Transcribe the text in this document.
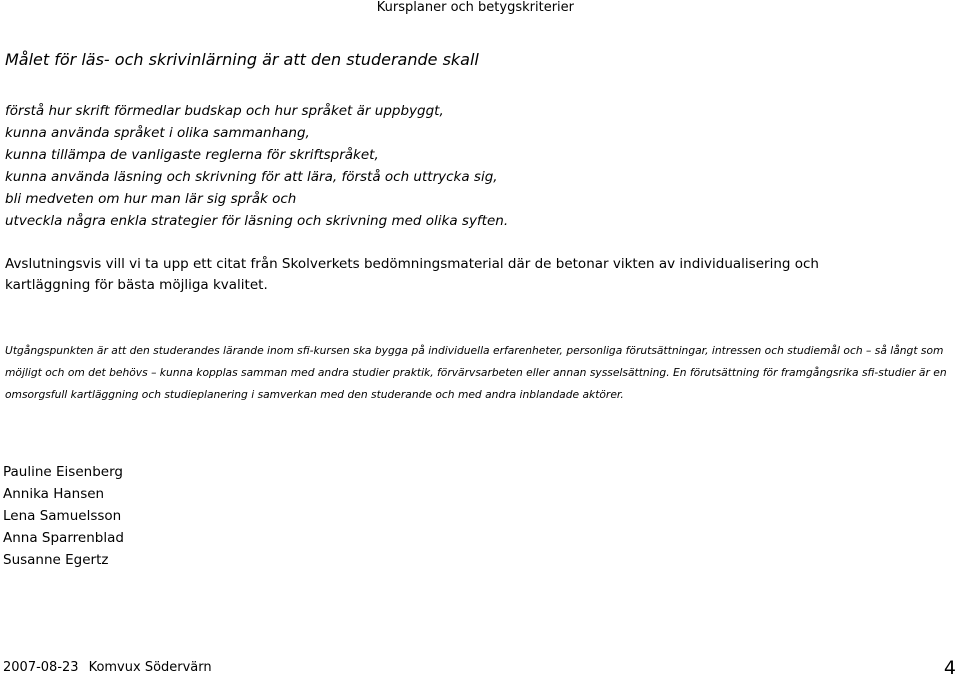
Kursplaner och betygskriterier
Målet för läs- och skrivinlärning är att den studerande skall
förstå hur skrift förmedlar budskap och hur språket är uppbyggt,
kunna använda språket i olika sammanhang,
kunna tillämpa de vanligaste reglerna för skriftspråket,
kunna använda läsning och skrivning för att lära, förstå och uttrycka sig,
bli medveten om hur man lär sig språk och
utveckla några enkla strategier för läsning och skrivning med olika syften.

Avslutningsvis vill vi ta upp ett citat från Skolverkets bedömningsmaterial där de betonar vikten av individualisering och kartläggning för bästa möjliga kvalitet.

Utgångspunkten är att den studerandes lärande inom sfi-kursen ska bygga på individuella erfarenheter, personliga förutsättningar, intressen och studiemål och – så långt som möjligt och om det behövs – kunna kopplas samman med andra studier praktik, förvärvsarbeten eller annan sysselsättning. En förutsättning för framgångsrika sfi-studier är en omsorgsfull kartläggning och studieplanering i samverkan med den studerande och med andra inblandade aktörer.

Pauline Eisenberg
Annika Hansen
Lena Samuelsson
Anna Sparrenblad
Susanne Egertz
2007-08-23 Komvux Södervärn	4
